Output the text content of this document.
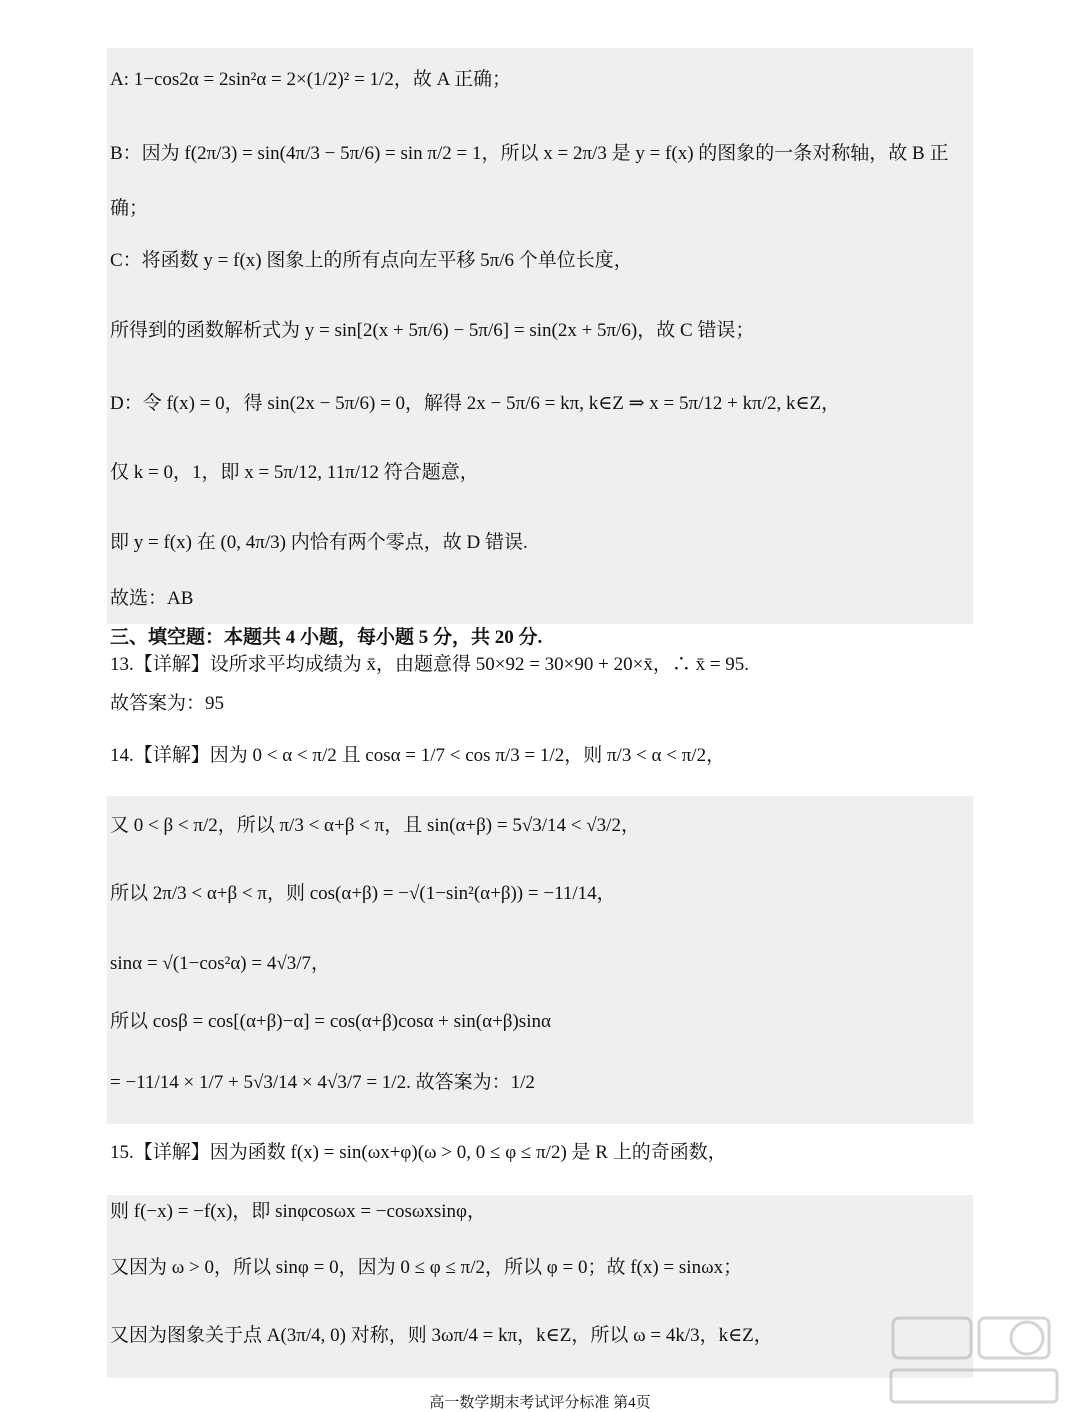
A: 1−cos2α = 2sin²α = 2×(1/2)² = 1/2，故 A 正确；
B：因为 f(2π/3) = sin(4π/3 − 5π/6) = sin π/2 = 1，所以 x = 2π/3 是 y = f(x) 的图象的一条对称轴，故 B 正
确；
C：将函数 y = f(x) 图象上的所有点向左平移 5π/6 个单位长度，
所得到的函数解析式为 y = sin[2(x + 5π/6) − 5π/6] = sin(2x + 5π/6)，故 C 错误；
D：令 f(x) = 0，得 sin(2x − 5π/6) = 0，解得 2x − 5π/6 = kπ, k∈Z ⇒ x = 5π/12 + kπ/2, k∈Z，
仅 k = 0，1，即 x = 5π/12, 11π/12 符合题意，
即 y = f(x) 在 (0, 4π/3) 内恰有两个零点，故 D 错误.
故选：AB
三、填空题：本题共 4 小题，每小题 5 分，共 20 分.
13.【详解】设所求平均成绩为 x̄，由题意得 50×92 = 30×90 + 20×x̄，∴ x̄ = 95.
故答案为：95
14.【详解】因为 0 < α < π/2 且 cosα = 1/7 < cos π/3 = 1/2，则 π/3 < α < π/2，
又 0 < β < π/2，所以 π/3 < α+β < π，且 sin(α+β) = 5√3/14 < √3/2，
所以 2π/3 < α+β < π，则 cos(α+β) = −√(1−sin²(α+β)) = −11/14，
sinα = √(1−cos²α) = 4√3/7，
所以 cosβ = cos[(α+β)−α] = cos(α+β)cosα + sin(α+β)sinα
= −11/14 × 1/7 + 5√3/14 × 4√3/7 = 1/2. 故答案为：1/2
15.【详解】因为函数 f(x) = sin(ωx+φ)(ω > 0, 0 ≤ φ ≤ π/2) 是 R 上的奇函数，
则 f(−x) = −f(x)，即 sinφcosωx = −cosωxsinφ，
又因为 ω > 0，所以 sinφ = 0，因为 0 ≤ φ ≤ π/2，所以 φ = 0；故 f(x) = sinωx；
又因为图象关于点 A(3π/4, 0) 对称，则 3ωπ/4 = kπ，k∈Z，所以 ω = 4k/3，k∈Z，
高一数学期末考试评分标准 第4页
